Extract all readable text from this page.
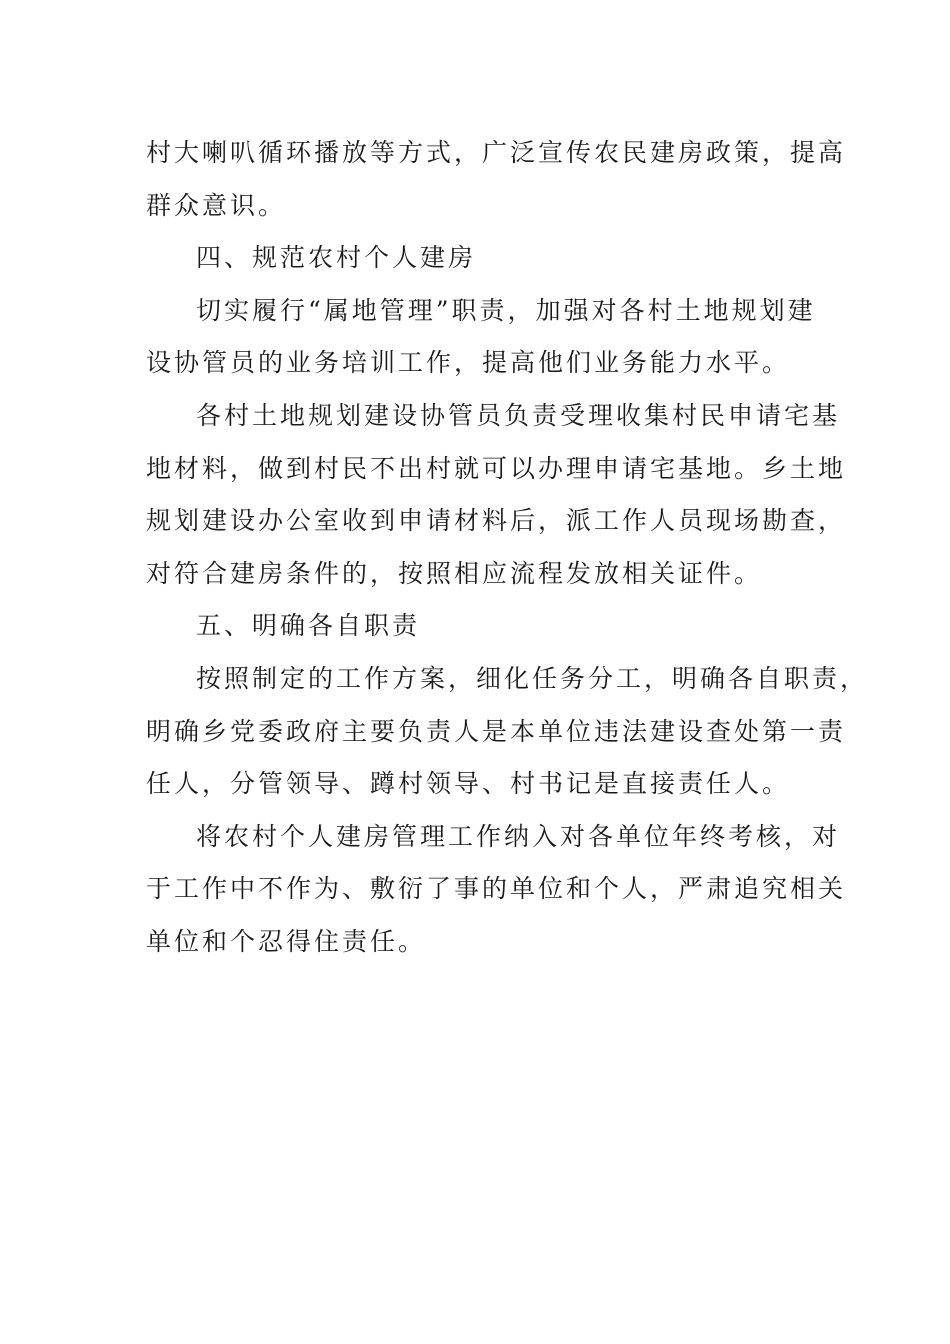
村大喇叭循环播放等方式，广泛宣传农民建房政策，提高
群众意识。

四、规范农村个人建房

切实履行“属地管理”职责，加强对各村土地规划建
设协管员的业务培训工作，提高他们业务能力水平。

各村土地规划建设协管员负责受理收集村民申请宅基
地材料，做到村民不出村就可以办理申请宅基地。乡土地
规划建设办公室收到申请材料后，派工作人员现场勘查，
对符合建房条件的，按照相应流程发放相关证件。

五、明确各自职责

按照制定的工作方案，细化任务分工，明确各自职责，
明确乡党委政府主要负责人是本单位违法建设查处第一责
任人，分管领导、蹲村领导、村书记是直接责任人。

将农村个人建房管理工作纳入对各单位年终考核，对
于工作中不作为、敷衍了事的单位和个人，严肃追究相关
单位和个忍得住责任。
